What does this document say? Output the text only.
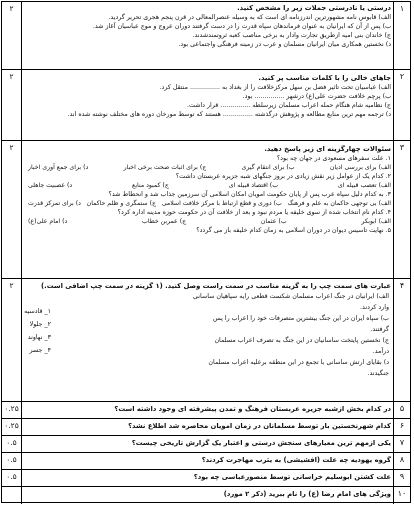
۱
درستی یا نادرستی جملات زیر را مشخص کنید.
الف) قابوس نامه مشهورترین اندرزنامه ای است که به وسیله عنصرالمعالی در قرن پنجم هجری تحریر گردید.
ب) پس از آن که ایرانیان به عنوان فرماندهان سپاه قدرت را در دست گرفتند دوران عروج و موج عباسیان آغاز شد.
ج) خاندان بنی امیه ازطریق تجارت وادار به برخی مناصب کعبه ثروتمندشدند.
د) نخستین همکاری میان ایرانیان مسلمان و عرب در زمینه فرهنگی واجتماعی بود.
۲
۲
جاهای خالی را با کلمات مناسب پر کنید.
الف) عباسیان تحت تاثیر فضل بن سهل مرکزخلافت را از بغداد به ............... منتقل کرد.
ب) پرچم خلافت حضرت علی(ع) درشهر ............... بود.
ج) نظامیه شام هنگام حمله اعراب مسلمان زیرسلطه ............... قرار داشت.
د) ترجمه مهم ترین منابع مطالعه و پژوهش درگذشته ............... هستند که توسط مورخان دوره های مختلف نوشته شده اند.
۲
۳
سئوالات چهارگزینه ای زیر پاسخ دهید.
۱. علت سفرهای مسعودی در جهان چه بود؟
الف) برای بررسی ادیان
ب) برای انتقام گیری
ج) برای اثبات صحت برخی اخبار
د) برای جمع آوری اخبار
۲. کدام یک از عوامل زیر نقش زیادی در بروز جنگهای شبه جزیره عربستان داشت؟
الف) تعصب قبیله ای
ب) اقتصاد قبیله ای
ج) کمبود منابع
د) عصبیت جاهلی
۳. به کدام دلیل سپاه عرب پس از پایان حکومت امویان امکان اسلامی آن سرزمین جذاب شد و انحطاط شد؟
الف) بی توجهی حاکمان به علم و فرهنگ
ب) دوری و قطع ارتباط با مرکز خلافت اسلامی
ج) ستمگری و ظلم حاکمان
د) برای تمرکز قدرت
۴. کدام نام انتخاب شده از سوی خلیفه یا مردم نبود و بعد از خلافت آن در حکومت حوزه مدینه اداره کرد؟
الف) ابوبکر
ب) عثمان
ج) عمربن خطاب
د) امام علی(ع)
۵. نهایت تاسیس دیوان در دوران اسلامی به زمان کدام خلیفه باز می گردد؟
۲
۴
عبارت های سمت چپ را به گزینه مناسب در سمت راست وصل کنید. (۱ گزینه در سمت چپ اضافی است.)
الف) ایرانیان در جنگ اعراب مسلمان شکست قطعی رایه سپاهیان ساسانی
وارد کردند.
ب) سپاه ایران در این جنگ بیشترین متصرفات خود را اعراب را پس
گرفتند.
ج) نخستین پایتخت ساسانیان در این جنگ به تصرف اعراب مسلمان
درآمد.
د) بقایای ارتش ساسانی با تجمع در این منطقه برعلیه اعراب مسلمان
جنگیدند.
۱_ قادسیه
۲_ جلولا
۳_ نهاوند
۴_ جسر
۲
۵
در کدام بخش ازشبه جزیره عربستان فرهنگ و تمدن پیشرفته ای وجود داشته است؟
۰.۲۵
۶
کدام شهرنخستین بار توسط مسلمانان در زمان امویان محاصره شد اطلاع نشد؟
۰.۲۵
۷
یکی ازمهم ترین معیارهای سنجش درستی و اعتبار یک گزارش تاریخی چیست؟
۰.۵
۸
گروه یهودیه چه علت (افشیشی) به یثرب مهاجرت کردند؟
۰.۵
۹
علت کشتن ابوسلیم خراسانی توسط منصورعباسی چه بود؟
۰.۵
۱۰
ویژگی های امام رضا (ع) را نام ببرید (ذکر ۲ مورد)
